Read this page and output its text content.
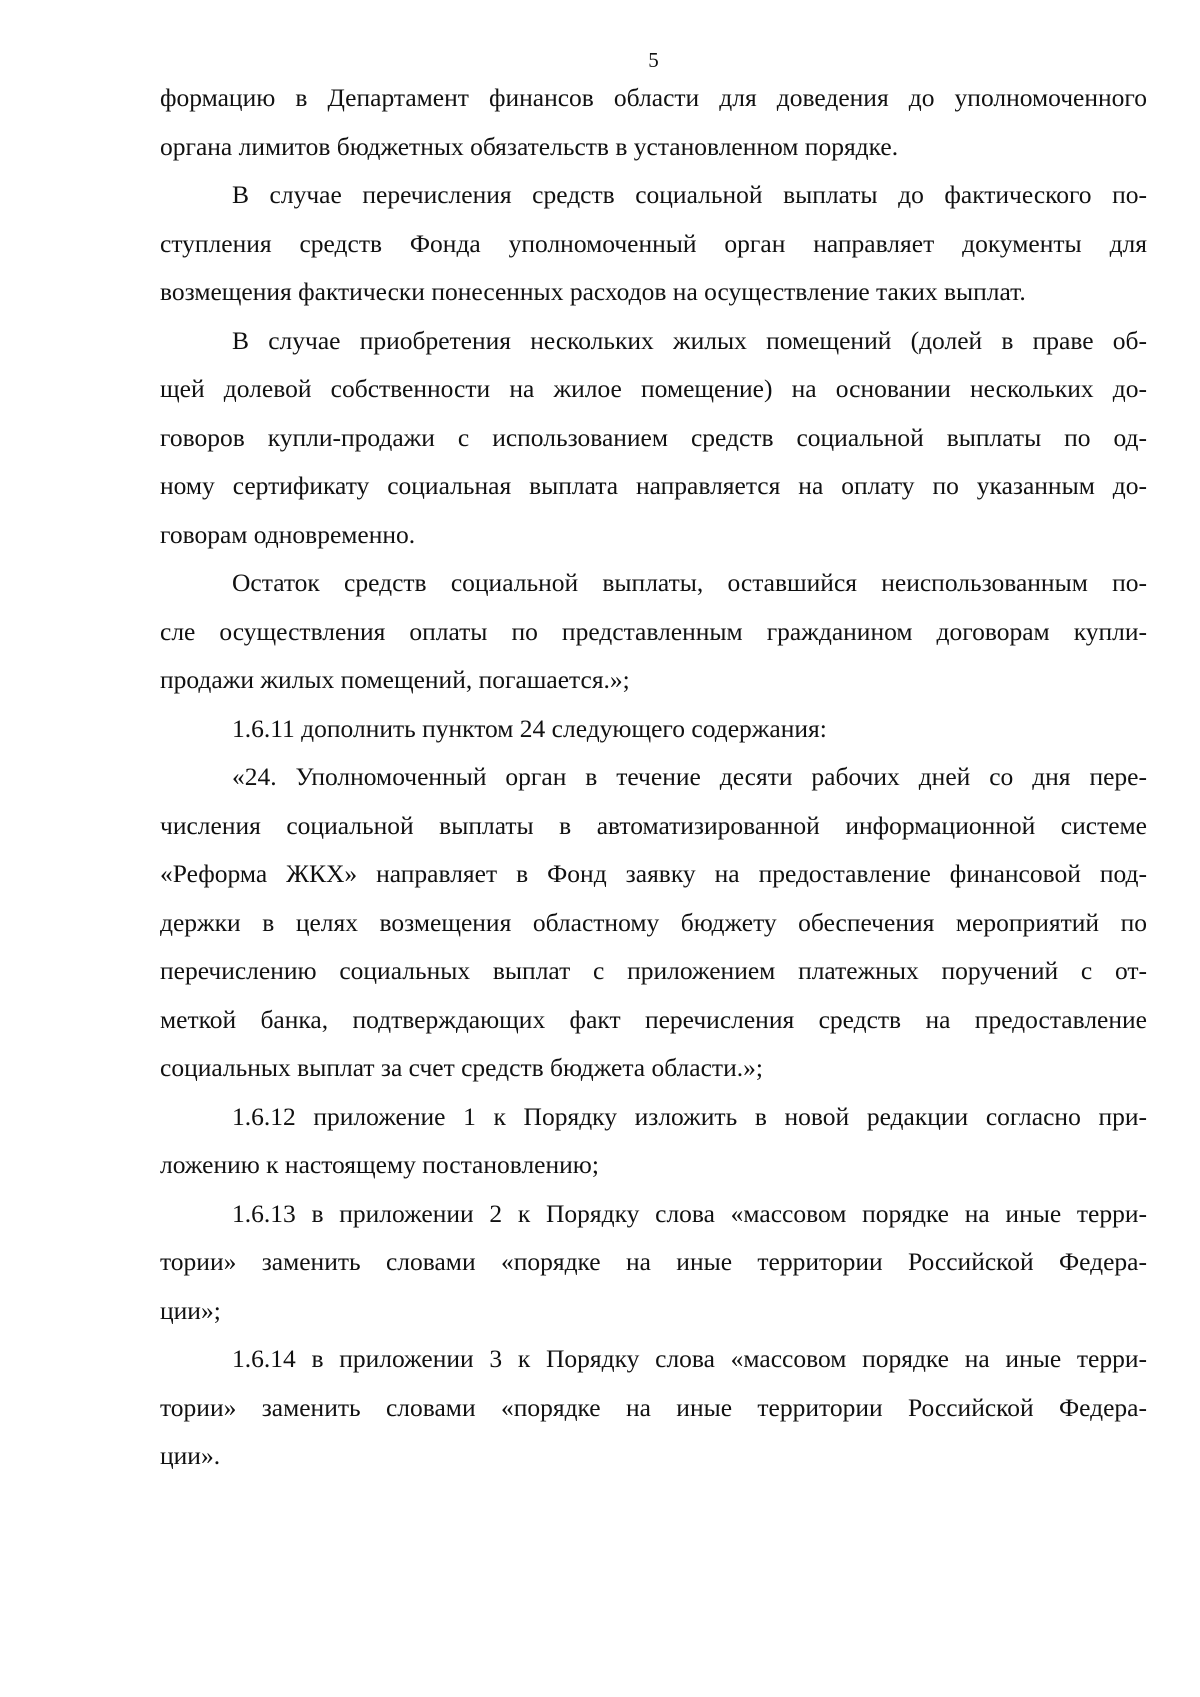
5
формацию в Департамент финансов области для доведения до уполномоченного
органа лимитов бюджетных обязательств в установленном порядке.
В случае перечисления средств социальной выплаты до фактического по-
ступления средств Фонда уполномоченный орган направляет документы для
возмещения фактически понесенных расходов на осуществление таких выплат.
В случае приобретения нескольких жилых помещений (долей в праве об-
щей долевой собственности на жилое помещение) на основании нескольких до-
говоров купли-продажи с использованием средств социальной выплаты по од-
ному сертификату социальная выплата направляется на оплату по указанным до-
говорам одновременно.
Остаток средств социальной выплаты, оставшийся неиспользованным по-
сле осуществления оплаты по представленным гражданином договорам купли-
продажи жилых помещений, погашается.»;
1.6.11 дополнить пунктом 24 следующего содержания:
«24. Уполномоченный орган в течение десяти рабочих дней со дня пере-
числения социальной выплаты в автоматизированной информационной системе
«Реформа ЖКХ» направляет в Фонд заявку на предоставление финансовой под-
держки в целях возмещения областному бюджету обеспечения мероприятий по
перечислению социальных выплат с приложением платежных поручений с от-
меткой банка, подтверждающих факт перечисления средств на предоставление
социальных выплат за счет средств бюджета области.»;
1.6.12 приложение 1 к Порядку изложить в новой редакции согласно при-
ложению к настоящему постановлению;
1.6.13 в приложении 2 к Порядку слова «массовом порядке на иные терри-
тории» заменить словами «порядке на иные территории Российской Федера-
ции»;
1.6.14 в приложении 3 к Порядку слова «массовом порядке на иные терри-
тории» заменить словами «порядке на иные территории Российской Федера-
ции».
